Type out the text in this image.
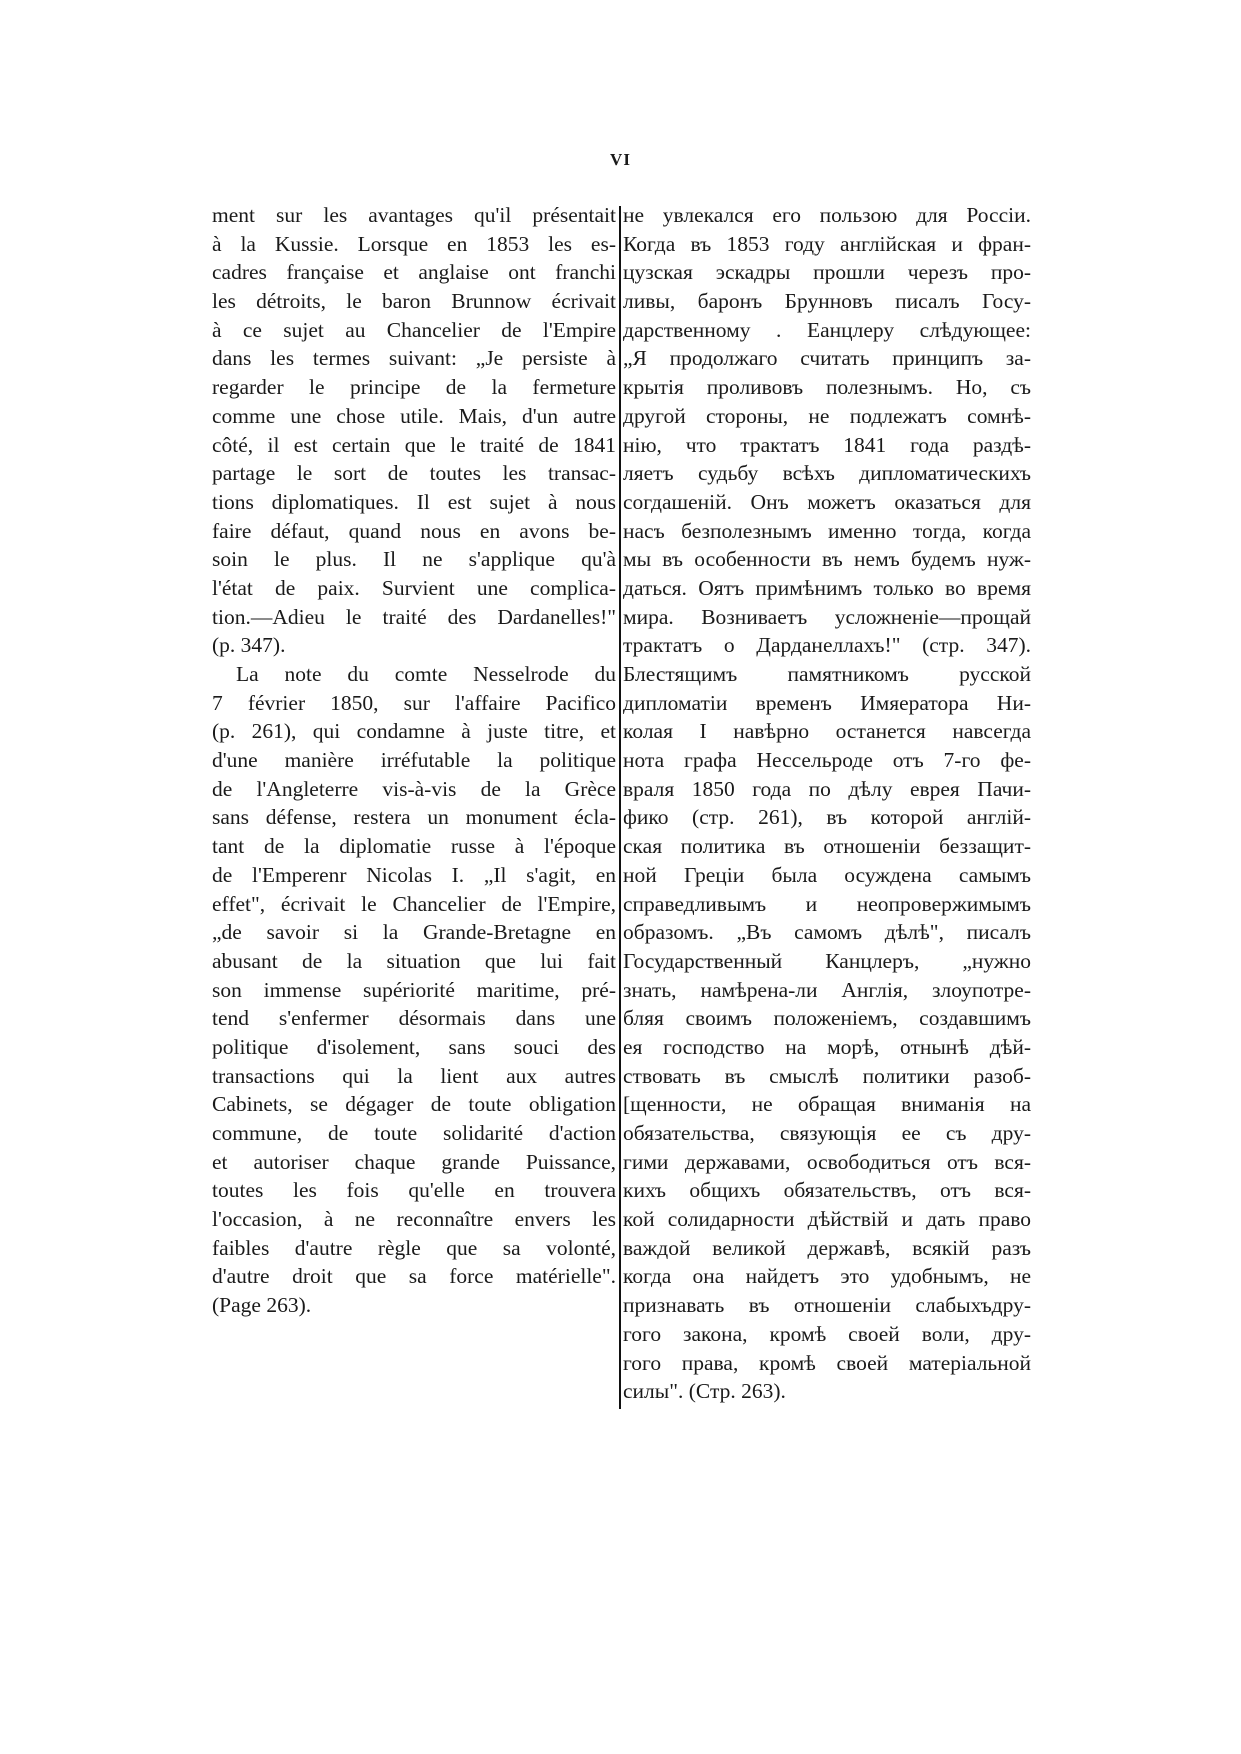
VI
ment sur les avantages qu'il présentait
à la Kussie. Lorsque en 1853 les es-
cadres française et anglaise ont franchi
les détroits, le baron Brunnow écrivait
à ce sujet au Chancelier de l'Empire
dans les termes suivant: „Je persiste à
regarder le principe de la fermeture
comme une chose utile. Mais, d'un autre
côté, il est certain que le traité de 1841
partage le sort de toutes les transac-
tions diplomatiques. Il est sujet à nous
faire défaut, quand nous en avons be-
soin le plus. Il ne s'applique qu'à
l'état de paix. Survient une complica-
tion.—Adieu le traité des Dardanelles!"
(p. 347).
La note du comte Nesselrode du
7 février 1850, sur l'affaire Pacifico
(p. 261), qui condamne à juste titre, et
d'une manière irréfutable la politique
de l'Angleterre vis-à-vis de la Grèce
sans défense, restera un monument écla-
tant de la diplomatie russe à l'époque
de l'Emperenr Nicolas I. „Il s'agit, en
effet", écrivait le Chancelier de l'Empire,
„de savoir si la Grande-Bretagne en
abusant de la situation que lui fait
son immense supériorité maritime, pré-
tend s'enfermer désormais dans une
politique d'isolement, sans souci des
transactions qui la lient aux autres
Cabinets, se dégager de toute obligation
commune, de toute solidarité d'action
et autoriser chaque grande Puissance,
toutes les fois qu'elle en trouvera
l'occasion, à ne reconnaître envers les
faibles d'autre règle que sa volonté,
d'autre droit que sa force matérielle".
(Page 263).
не увлекался его пользою для Россіи.
Когда въ 1853 году англійская и фран-
цузская эскадры прошли черезъ про-
ливы, баронъ Брунновъ писалъ Госу-
дарственному . Еанцлеру слѣдующее:
„Я продолжаго считать принципъ за-
крытія проливовъ полезнымъ. Но, съ
другой стороны, не подлежатъ сомнѣ-
нію, что трактатъ 1841 года раздѣ-
ляетъ судьбу всѣхъ дипломатическихъ
согдашеній. Онъ можетъ оказаться для
насъ безполезнымъ именно тогда, когда
мы въ особенности въ немъ будемъ нуж-
даться. Оятъ примѣнимъ только во время
мира. Возниваетъ усложненіе—прощай
трактатъ о Дарданеллахъ!" (стр. 347).
Блестящимъ памятникомъ русской
дипломатіи временъ Имяератора Ни-
колая I навѣрно останется навсегда
нота графа Нессельроде отъ 7-го фе-
враля 1850 года по дѣлу еврея Пачи-
фико (стр. 261), въ которой англій-
ская политика въ отношеніи беззащит-
ной Греціи была осуждена самымъ
справедливымъ и неопровержимымъ
образомъ. „Въ самомъ дѣлѣ", писалъ
Государственный Канцлеръ, „нужно
знать, намѣрена-ли Англія, злоупотре-
бляя своимъ положеніемъ, создавшимъ
ея господство на морѣ, отнынѣ дѣй-
ствовать въ смыслѣ политики разоб-
[щенности, не обращая вниманія на
обязательства, связующія ее съ дру-
гими державами, освободиться отъ вся-
кихъ общихъ обязательствъ, отъ вся-
кой солидарности дѣйствій и дать право
важдой великой державѣ, всякій разъ
когда она найдетъ это удобнымъ, не
признавать въ отношеніи слабыхъдру-
гого закона, кромѣ своей воли, дру-
гого права, кромѣ своей матеріальной
силы". (Стр. 263).
